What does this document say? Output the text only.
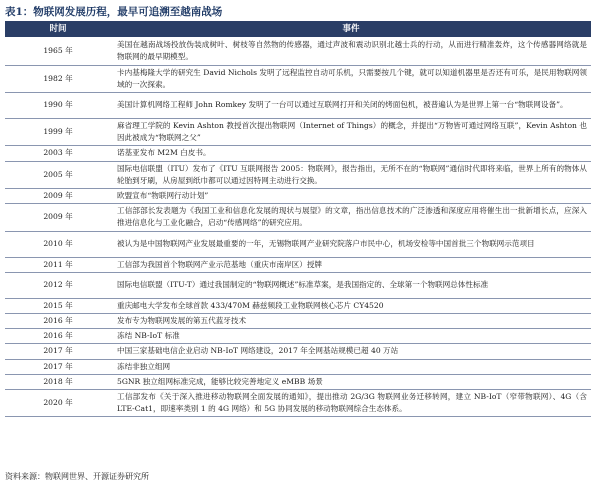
表1：物联网发展历程，最早可追溯至越南战场
时间	事件
1965 年	美国在越南战场投放伪装成树叶、树枝等自然物的传感器，通过声波和震动识别北越士兵的行动，从而进行精准轰炸，这个传感器网络就是物联网的最早期模型。
1982 年	卡内基梅隆大学的研究生 David Nichols 发明了远程监控自动可乐机，只需要按几个键，就可以知道机器里是否还有可乐，是民用物联网领域的一次探索。
1990 年	美国计算机网络工程师 John Romkey 发明了一台可以通过互联网打开和关闭的烤面包机，被普遍认为是世界上第一台“物联网设备”。
1999 年	麻省理工学院的 Kevin Ashton 教授首次提出物联网（Internet of Things）的概念，并提出“万物皆可通过网络互联”，Kevin Ashton 也因此被成为“物联网之父”
2003 年	诺基亚发布 M2M 白皮书。
2005 年	国际电信联盟（ITU）发布了《ITU 互联网报告 2005：物联网》，报告指出，无所不在的“物联网”通信时代即将来临，世界上所有的物体从轮胎到牙刷，从房屋到纸巾都可以通过因特网主动进行交换。
2009 年	欧盟宣布“物联网行动计划”
2009 年	工信部部长发表题为《我国工业和信息化发展的现状与展望》的文章，指出信息技术的广泛渗透和深度应用将催生出一批新增长点，应深入推进信息化与工业化融合，启动“传感网络”的研究应用。
2010 年	被认为是中国物联网产业发展最重要的一年，无锡物联网产业研究院落户市民中心，机场安检等中国首批三个物联网示范项目
2011 年	工信部为我国首个物联网产业示范基地（重庆市南岸区）授牌
2012 年	国际电信联盟（ITU-T）通过我国制定的“物联网概述”标准草案，是我国指定的、全球第一个物联网总体性标准
2015 年	重庆邮电大学发布全球首款 433/470M 赫兹频段工业物联网核心芯片 CY4520
2016 年	发布专为物联网发展的第五代蓝牙技术
2016 年	冻结 NB-IoT 标准
2017 年	中国三家基础电信企业启动 NB-IoT 网络建设，2017 年全网基站规模已超 40 万站
2017 年	冻结非独立组网
2018 年	5GNR 独立组网标准完成，能够比较完善地定义 eMBB 场景
2020 年	工信部发布《关于深入推进移动物联网全面发展的通知》，提出推动 2G/3G 物联网业务迁移转网，建立 NB-IoT（窄带物联网）、4G（含 LTE-Cat1，即速率类别 1 的 4G 网络）和 5G 协同发展的移动物联网综合生态体系。
资料来源：物联网世界、开源证券研究所
